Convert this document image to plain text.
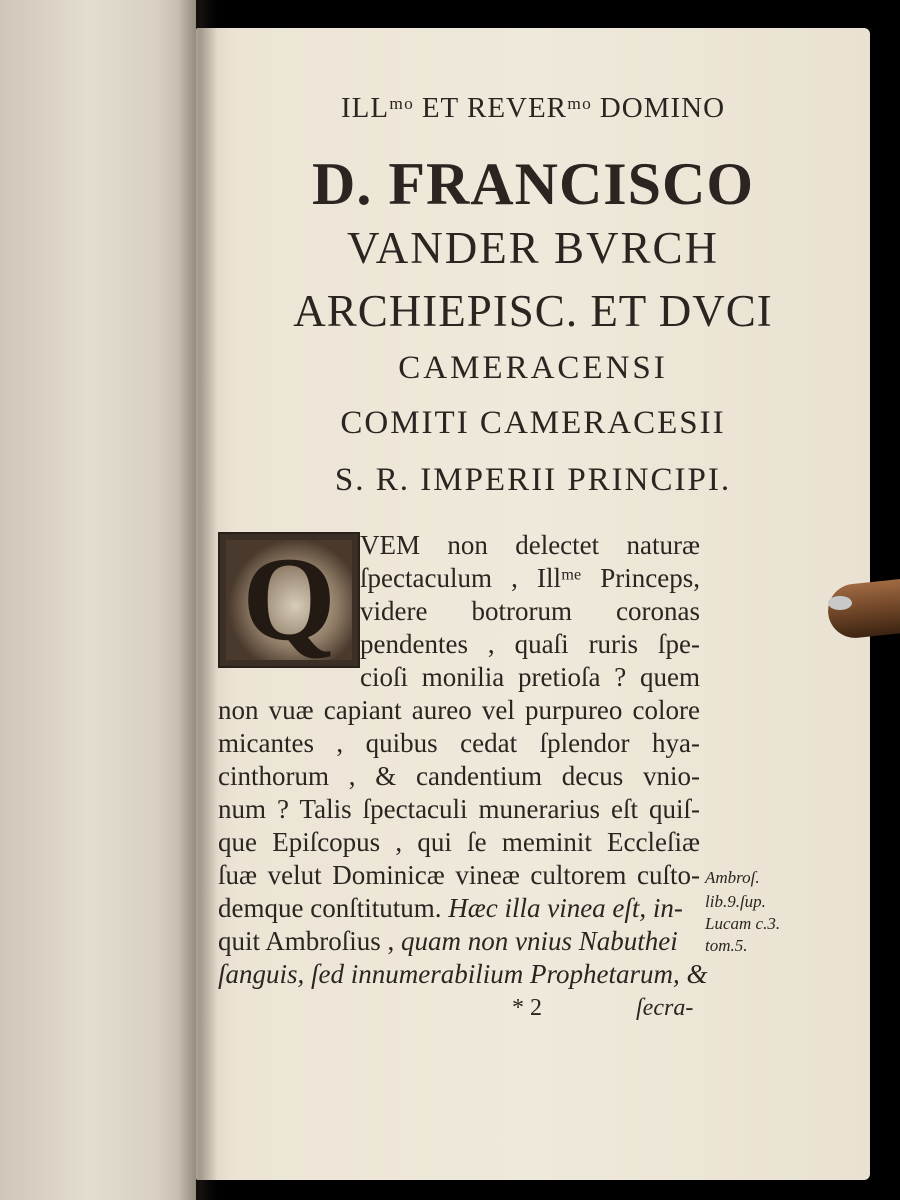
ILLᵐᵒ ET REVERᵐᵒ DOMINO
D. FRANCISCO
VANDER BVRCH
ARCHIEPISC. ET DVCI
CAMERACENSI
COMITI CAMERACESII
S. R. IMPERII PRINCIPI.
Q VEM non delectet naturæ
ſpectaculum , Illᵐᵉ Princeps,
videre botrorum coronas
pendentes , quaſi ruris ſpe-
cioſi monilia pretioſa ? quem
non vuæ capiant aureo vel purpureo colore
micantes , quibus cedat ſplendor hya-
cinthorum , & candentium decus vnio-
num ? Talis ſpectaculi munerarius eſt quiſ-
que Epiſcopus , qui ſe meminit Eccleſiæ
ſuæ velut Dominicæ vineæ cultorem cuſto-
demque conſtitutum. Hæc illa vinea eſt, in-
quit Ambroſius , quam non vnius Nabuthei
ſanguis, ſed innumerabilium Prophetarum, &
Ambroſ.
lib.9.ſup.
Lucam c.3.
tom.5.
* 2	ſecra-
